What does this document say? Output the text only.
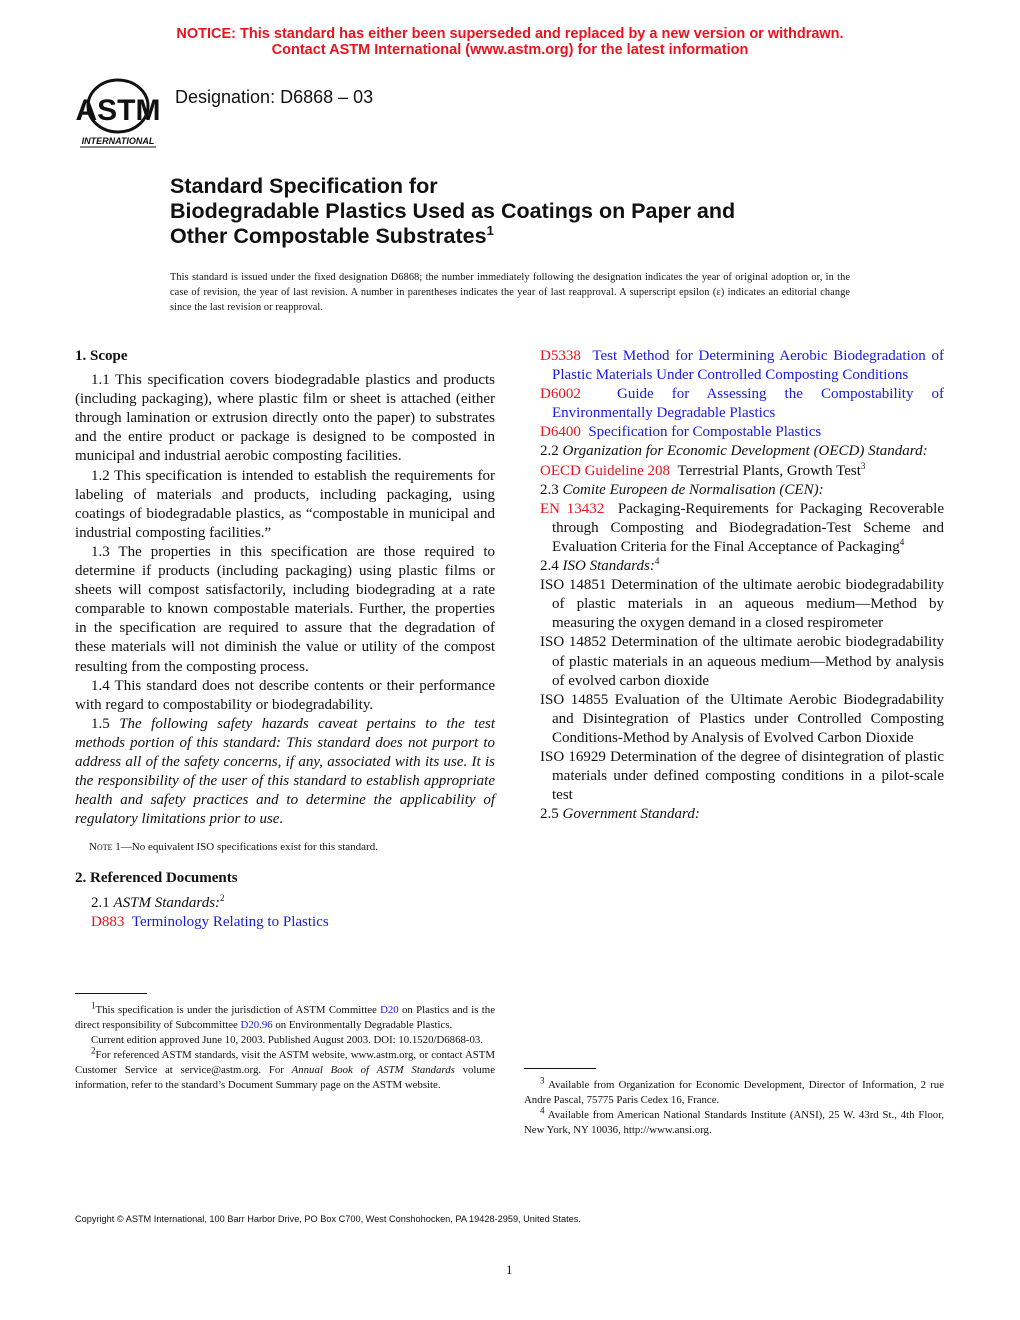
NOTICE: This standard has either been superseded and replaced by a new version or withdrawn.
Contact ASTM International (www.astm.org) for the latest information
ASTM
INTERNATIONAL
Designation: D6868 – 03
Standard Specification for
Biodegradable Plastics Used as Coatings on Paper and
Other Compostable Substrates$^1$
This standard is issued under the fixed designation D6868; the number immediately following the designation indicates the year of original adoption or, in the case of revision, the year of last revision. A number in parentheses indicates the year of last reapproval. A superscript epsilon (ε) indicates an editorial change since the last revision or reapproval.
1. Scope
1.1 This specification covers biodegradable plastics and products (including packaging), where plastic film or sheet is attached (either through lamination or extrusion directly onto the paper) to substrates and the entire product or package is designed to be composted in municipal and industrial aerobic composting facilities.
1.2 This specification is intended to establish the requirements for labeling of materials and products, including packaging, using coatings of biodegradable plastics, as “compostable in municipal and industrial composting facilities.”
1.3 The properties in this specification are those required to determine if products (including packaging) using plastic films or sheets will compost satisfactorily, including biodegrading at a rate comparable to known compostable materials. Further, the properties in the specification are required to assure that the degradation of these materials will not diminish the value or utility of the compost resulting from the composting process.
1.4 This standard does not describe contents or their performance with regard to compostability or biodegradability.
1.5 The following safety hazards caveat pertains to the test methods portion of this standard: This standard does not purport to address all of the safety concerns, if any, associated with its use. It is the responsibility of the user of this standard to establish appropriate health and safety practices and to determine the applicability of regulatory limitations prior to use.
Note 1—No equivalent ISO specifications exist for this standard.
2. Referenced Documents
2.1 ASTM Standards:$^2$
D883 Terminology Relating to Plastics
D5338 Test Method for Determining Aerobic Biodegradation of Plastic Materials Under Controlled Composting Conditions
D6002 Guide for Assessing the Compostability of Environmentally Degradable Plastics
D6400 Specification for Compostable Plastics
2.2 Organization for Economic Development (OECD) Standard:
OECD Guideline 208 Terrestrial Plants, Growth Test$^3$
2.3 Comite Europeen de Normalisation (CEN):
EN 13432 Packaging-Requirements for Packaging Recoverable through Composting and Biodegradation-Test Scheme and Evaluation Criteria for the Final Acceptance of Packaging$^4$
2.4 ISO Standards:$^4$
ISO 14851 Determination of the ultimate aerobic biodegradability of plastic materials in an aqueous medium—Method by measuring the oxygen demand in a closed respirometer
ISO 14852 Determination of the ultimate aerobic biodegradability of plastic materials in an aqueous medium—Method by analysis of evolved carbon dioxide
ISO 14855 Evaluation of the Ultimate Aerobic Biodegradability and Disintegration of Plastics under Controlled Composting Conditions-Method by Analysis of Evolved Carbon Dioxide
ISO 16929 Determination of the degree of disintegration of plastic materials under defined composting conditions in a pilot-scale test
2.5 Government Standard:

$^1$This specification is under the jurisdiction of ASTM Committee D20 on Plastics and is the direct responsibility of Subcommittee D20.96 on Environmentally Degradable Plastics.

Current edition approved June 10, 2003. Published August 2003. DOI: 10.1520/D6868-03.

$^2$For referenced ASTM standards, visit the ASTM website, www.astm.org, or contact ASTM Customer Service at service@astm.org. For Annual Book of ASTM Standards volume information, refer to the standard’s Document Summary page on the ASTM website.	$^3$ Available from Organization for Economic Development, Director of Information, 2 rue Andre Pascal, 75775 Paris Cedex 16, France.

$^4$ Available from American National Standards Institute (ANSI), 25 W. 43rd St., 4th Floor, New York, NY 10036, http://www.ansi.org.

Copyright © ASTM International, 100 Barr Harbor Drive, PO Box C700, West Conshohocken, PA 19428-2959, United States.
1
